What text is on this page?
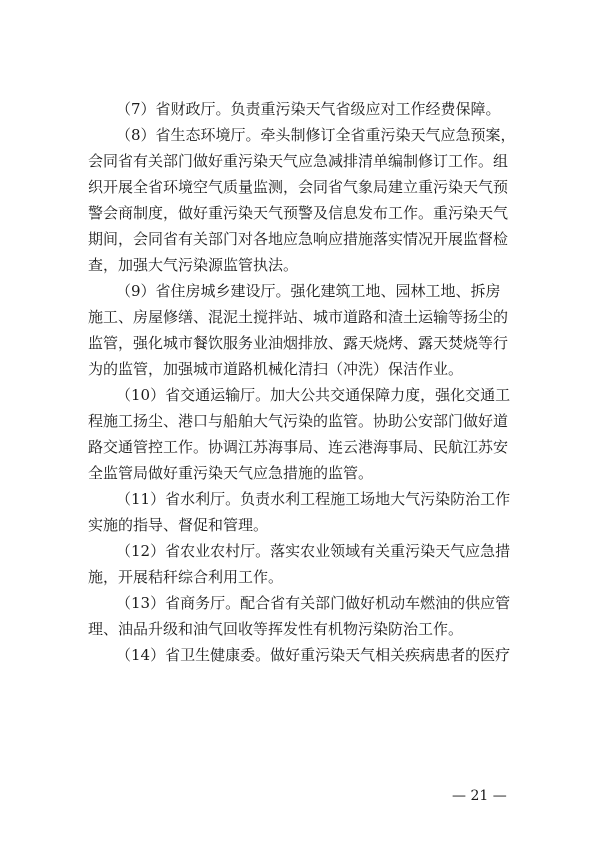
（7）省财政厅。负责重污染天气省级应对工作经费保障。
（8）省生态环境厅。牵头制修订全省重污染天气应急预案，
会同省有关部门做好重污染天气应急减排清单编制修订工作。组
织开展全省环境空气质量监测，会同省气象局建立重污染天气预
警会商制度，做好重污染天气预警及信息发布工作。重污染天气
期间，会同省有关部门对各地应急响应措施落实情况开展监督检
查，加强大气污染源监管执法。
（9）省住房城乡建设厅。强化建筑工地、园林工地、拆房
施工、房屋修缮、混泥土搅拌站、城市道路和渣土运输等扬尘的
监管，强化城市餐饮服务业油烟排放、露天烧烤、露天焚烧等行
为的监管，加强城市道路机械化清扫（冲洗）保洁作业。
（10）省交通运输厅。加大公共交通保障力度，强化交通工
程施工扬尘、港口与船舶大气污染的监管。协助公安部门做好道
路交通管控工作。协调江苏海事局、连云港海事局、民航江苏安
全监管局做好重污染天气应急措施的监管。
（11）省水利厅。负责水利工程施工场地大气污染防治工作
实施的指导、督促和管理。
（12）省农业农村厅。落实农业领域有关重污染天气应急措
施，开展秸秆综合利用工作。
（13）省商务厅。配合省有关部门做好机动车燃油的供应管
理、油品升级和油气回收等挥发性有机物污染防治工作。
（14）省卫生健康委。做好重污染天气相关疾病患者的医疗
— 21 —
